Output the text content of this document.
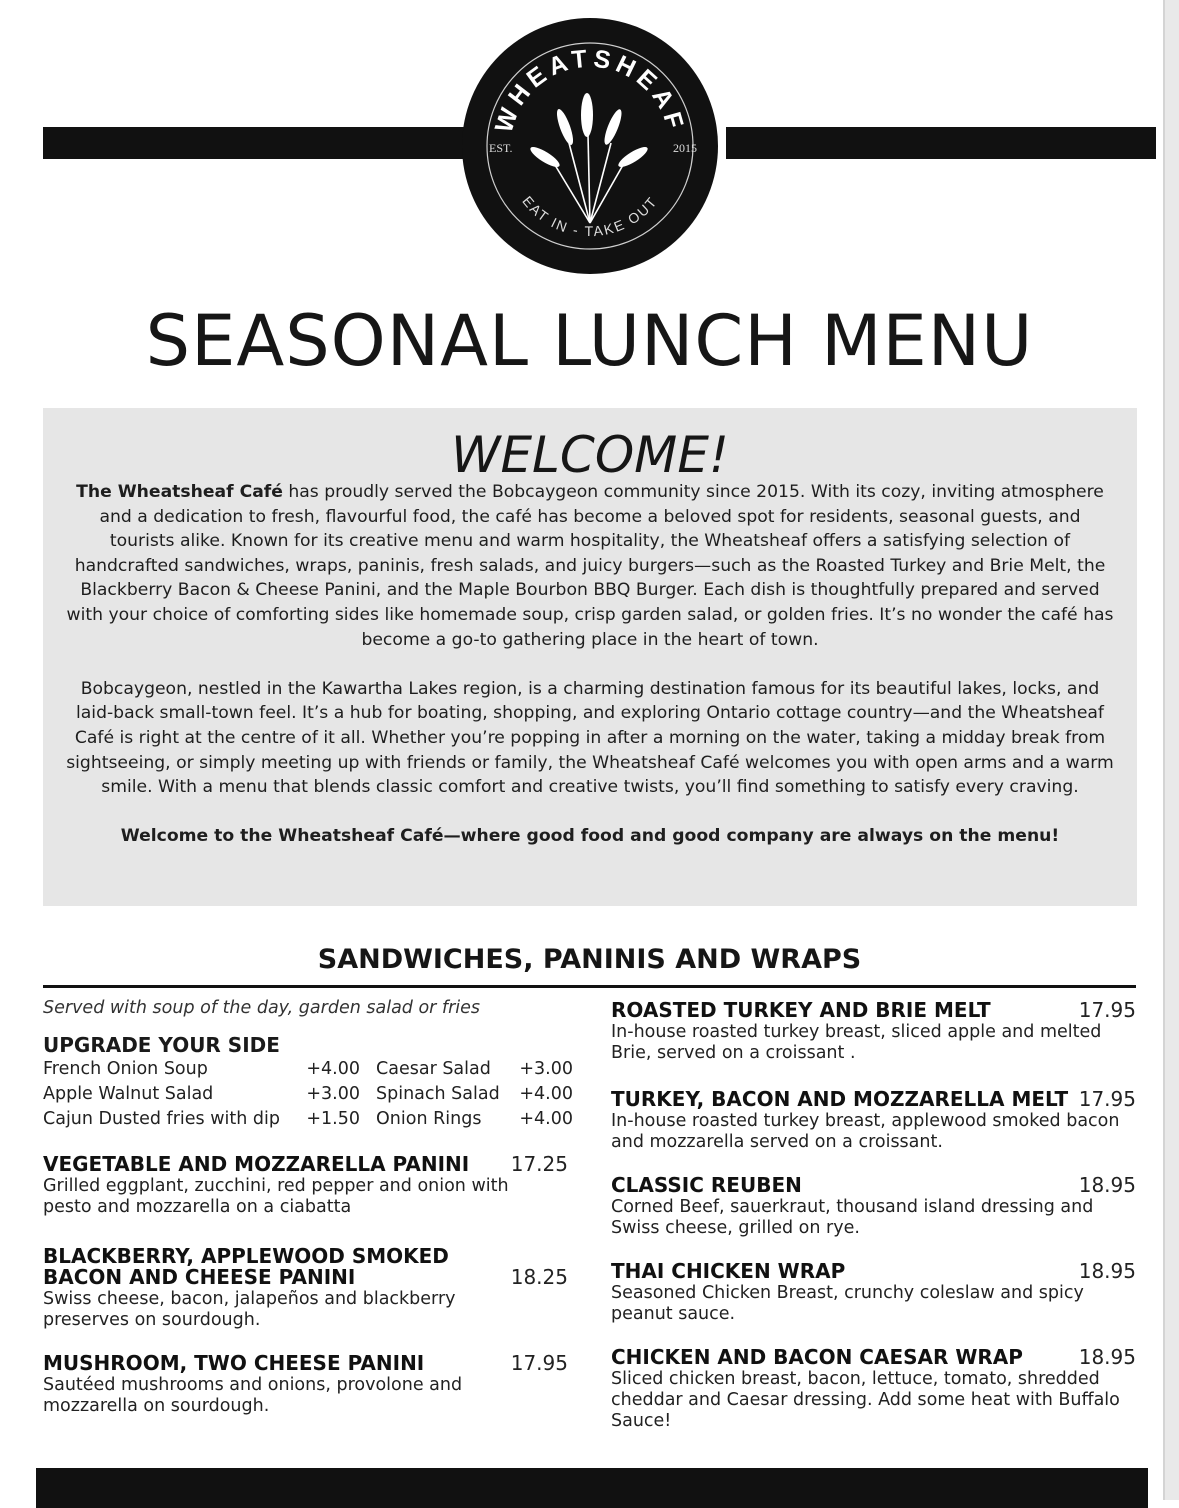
WHEATSHEAF
EAT IN - TAKE OUT
EST.	2015
SEASONAL LUNCH MENU
WELCOME!

The Wheatsheaf Café has proudly served the Bobcaygeon community since 2015. With its cozy, inviting atmosphere and a dedication to fresh, flavourful food, the café has become a beloved spot for residents, seasonal guests, and tourists alike. Known for its creative menu and warm hospitality, the Wheatsheaf offers a satisfying selection of handcrafted sandwiches, wraps, paninis, fresh salads, and juicy burgers—such as the Roasted Turkey and Brie Melt, the Blackberry Bacon & Cheese Panini, and the Maple Bourbon BBQ Burger. Each dish is thoughtfully prepared and served with your choice of comforting sides like homemade soup, crisp garden salad, or golden fries. It’s no wonder the café has become a go-to gathering place in the heart of town.

Bobcaygeon, nestled in the Kawartha Lakes region, is a charming destination famous for its beautiful lakes, locks, and laid-back small-town feel. It’s a hub for boating, shopping, and exploring Ontario cottage country—and the Wheatsheaf Café is right at the centre of it all. Whether you’re popping in after a morning on the water, taking a midday break from sightseeing, or simply meeting up with friends or family, the Wheatsheaf Café welcomes you with open arms and a warm smile. With a menu that blends classic comfort and creative twists, you’ll find something to satisfy every craving.

Welcome to the Wheatsheaf Café—where good food and good company are always on the menu!

SANDWICHES, PANINIS AND WRAPS

Served with soup of the day, garden salad or fries

UPGRADE YOUR SIDE
French Onion Soup	+4.00	Caesar Salad	+3.00
Apple Walnut Salad	+3.00	Spinach Salad	+4.00
Cajun Dusted fries with dip	+1.50	Onion Rings	+4.00
VEGETABLE AND MOZZARELLA PANINI 17.25
Grilled eggplant, zucchini, red pepper and onion with pesto and mozzarella on a ciabatta
BLACKBERRY, APPLEWOOD SMOKED
BACON AND CHEESE PANINI	18.25
Swiss cheese, bacon, jalapeños and blackberry preserves on sourdough.
MUSHROOM, TWO CHEESE PANINI	17.95
Sautéed mushrooms and onions, provolone and mozzarella on sourdough.
ROASTED TURKEY AND BRIE MELT	17.95
In-house roasted turkey breast, sliced apple and melted Brie, served on a croissant .
TURKEY, BACON AND MOZZARELLA MELT 17.95
In-house roasted turkey breast, applewood smoked bacon and mozzarella served on a croissant.
CLASSIC REUBEN	18.95
Corned Beef, sauerkraut, thousand island dressing and Swiss cheese, grilled on rye.
THAI CHICKEN WRAP	18.95
Seasoned Chicken Breast, crunchy coleslaw and spicy peanut sauce.
CHICKEN AND BACON CAESAR WRAP	18.95
Sliced chicken breast, bacon, lettuce, tomato, shredded cheddar and Caesar dressing. Add some heat with Buffalo Sauce!
